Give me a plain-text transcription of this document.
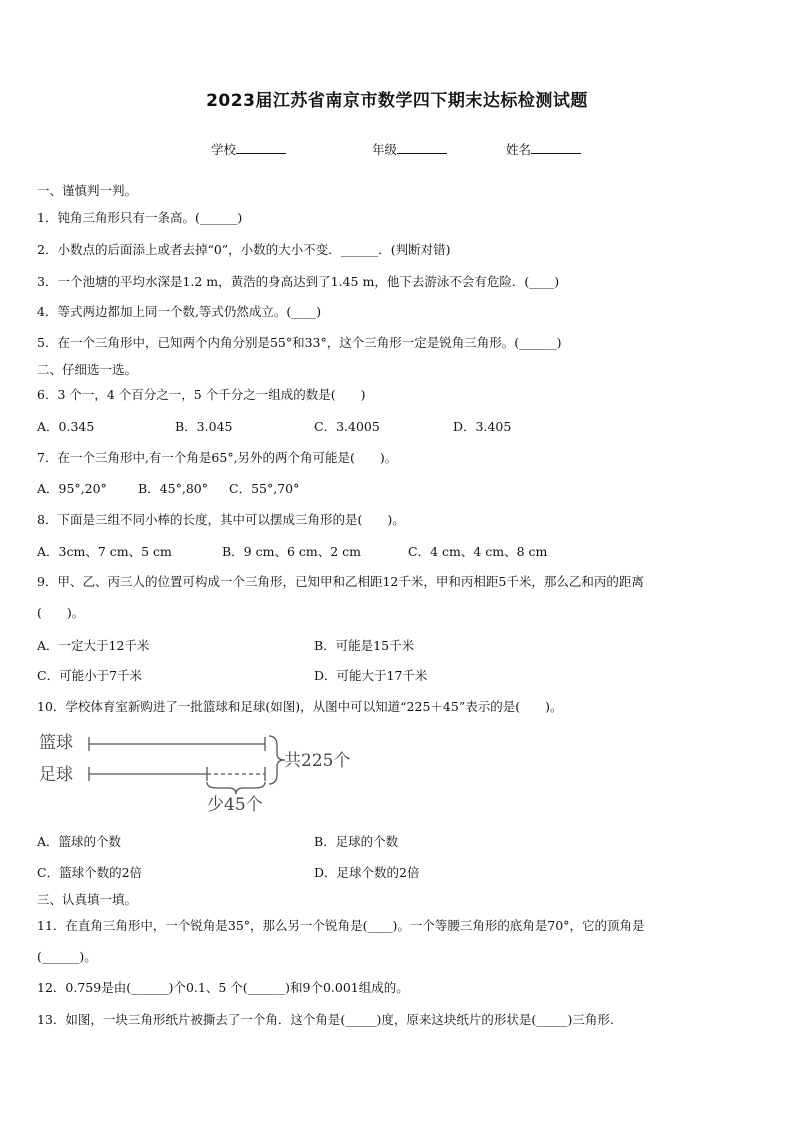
2023届江苏省南京市数学四下期末达标检测试题
学校	年级	姓名
一、谨慎判一判。
1．钝角三角形只有一条高。(______)
2．小数点的后面添上或者去掉“0”，小数的大小不变．______．(判断对错)
3．一个池塘的平均水深是1.2 m，黄浩的身高达到了1.45 m，他下去游泳不会有危险．(____)
4．等式两边都加上同一个数,等式仍然成立。(____)
5．在一个三角形中，已知两个内角分别是55°和33°，这个三角形一定是锐角三角形。(______)
二、仔细选一选。
6．3 个一，4 个百分之一，5 个千分之一组成的数是(　　)
A．0.345	B．3.045	C．3.4005	D．3.405
7．在一个三角形中,有一个角是65°,另外的两个角可能是(　　)。
A．95°,20° B．45°,80° C．55°,70°
8．下面是三组不同小棒的长度，其中可以摆成三角形的是(　　)。
A．3cm、7 cm、5 cm	B．9 cm、6 cm、2 cm	C．4 cm、4 cm、8 cm
9．甲、乙、丙三人的位置可构成一个三角形，已知甲和乙相距12千米，甲和丙相距5千米，那么乙和丙的距离
(　　)。
A．一定大于12千米	B．可能是15千米
C．可能小于7千米	D．可能大于17千米
10．学校体育室新购进了一批篮球和足球(如图)，从图中可以知道“225＋45”表示的是(　　)。
篮球
足球
共225个
少45个
A．篮球的个数	B．足球的个数
C．篮球个数的2倍	D．足球个数的2倍
三、认真填一填。
11．在直角三角形中，一个锐角是35°，那么另一个锐角是(____)。一个等腰三角形的底角是70°，它的顶角是
(______)。
12．0.759是由(______)个0.1、5 个(______)和9个0.001组成的。
13．如图，一块三角形纸片被撕去了一个角．这个角是(_____)度，原来这块纸片的形状是(_____)三角形.
